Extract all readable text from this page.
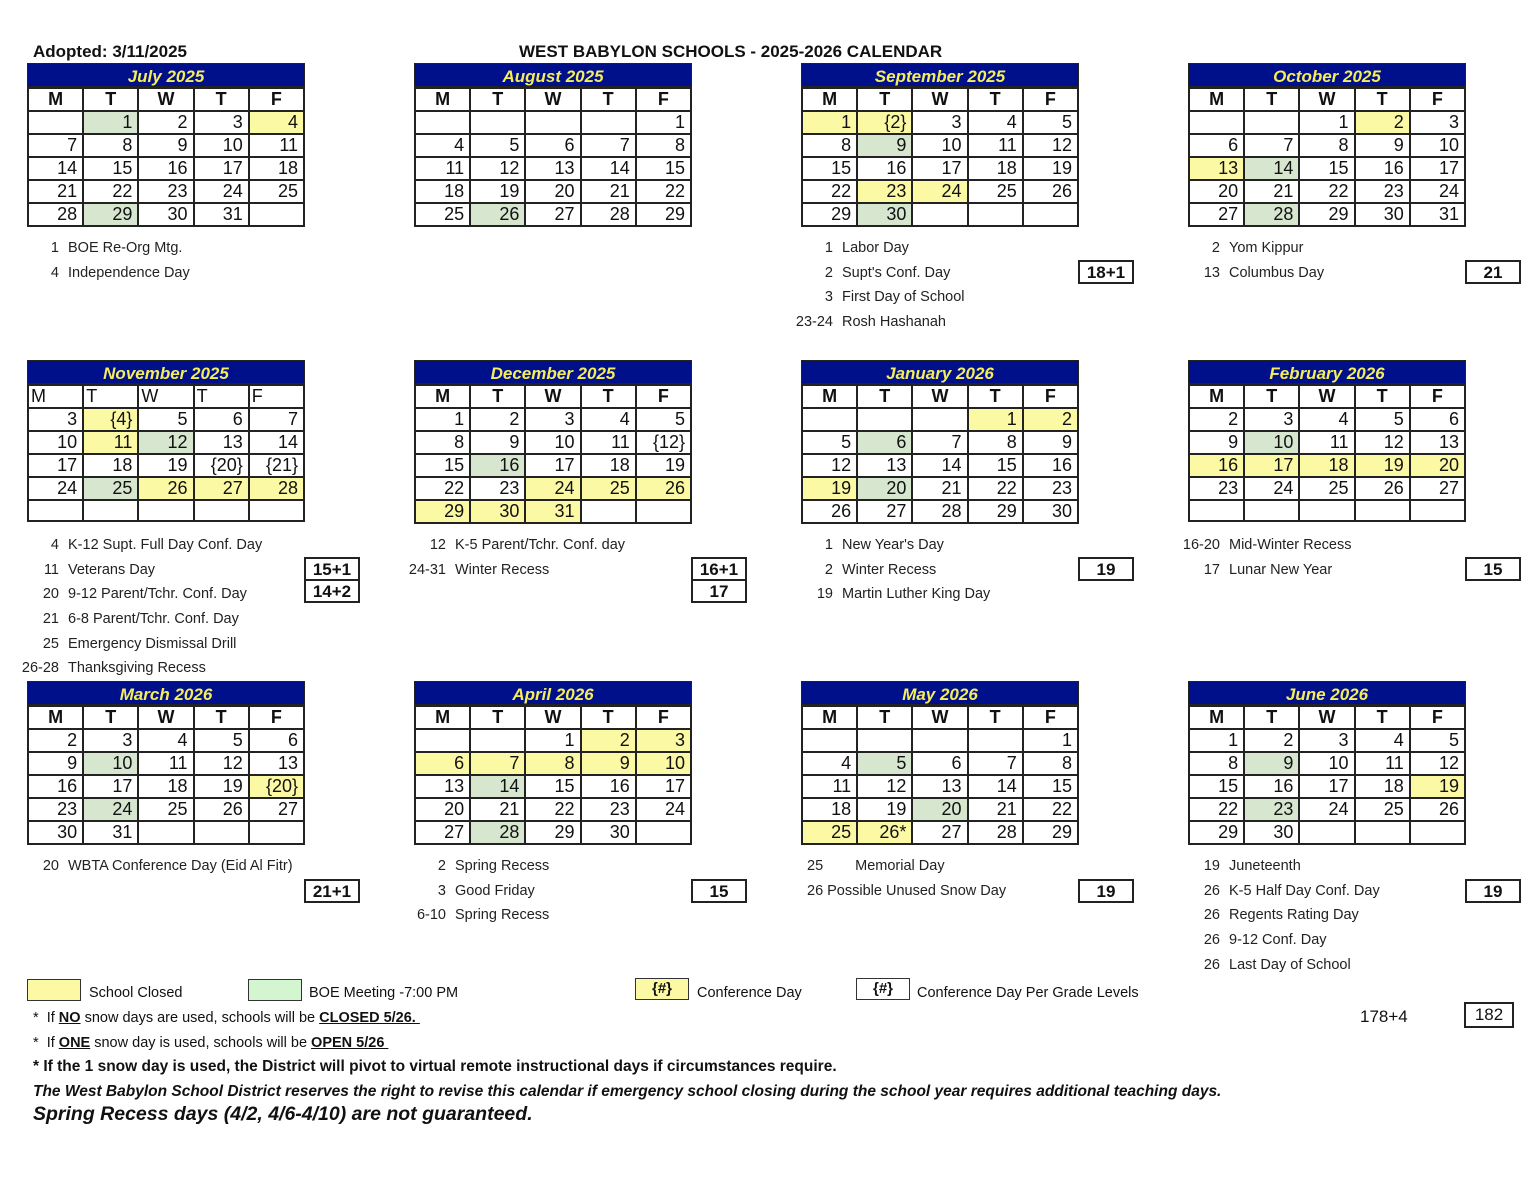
Adopted: 3/11/2025	WEST BABYLON SCHOOLS - 2025-2026 CALENDAR
July 2025
M	T	W	T	F
	1	2	3	4
7	8	9	10	11
14	15	16	17	18
21	22	23	24	25
28	29	30	31	
1 BOE Re-Org Mtg.
4 Independence Day
August 2025
M	T	W	T	F
				1
4	5	6	7	8
11	12	13	14	15
18	19	20	21	22
25	26	27	28	29
September 2025
M	T	W	T	F
1	{2}	3	4	5
8	9	10	11	12
15	16	17	18	19
22	23	24	25	26
29	30			
1 Labor Day
2 Supt's Conf. Day
3 First Day of School
23-24 Rosh Hashanah
18+1
October 2025
M	T	W	T	F
		1	2	3
6	7	8	9	10
13	14	15	16	17
20	21	22	23	24
27	28	29	30	31
2 Yom Kippur
13 Columbus Day	21
November 2025
M	T	W	T	F
3	{4}	5	6	7
10	11	12	13	14
17	18	19	{20}	{21}
24	25	26	27	28

4 K-12 Supt. Full Day Conf. Day
11 Veterans Day
20 9-12 Parent/Tchr. Conf. Day
21 6-8 Parent/Tchr. Conf. Day
25 Emergency Dismissal Drill
26-28 Thanksgiving Recess
15+1
14+2
December 2025
M	T	W	T	F
1	2	3	4	5
8	9	10	11	{12}
15	16	17	18	19
22	23	24	25	26
29	30	31		
12 K-5 Parent/Tchr. Conf. day
24-31 Winter Recess	16+1
17
January 2026
M	T	W	T	F
			1	2
5	6	7	8	9
12	13	14	15	16
19	20	21	22	23
26	27	28	29	30
1 New Year's Day
2 Winter Recess
19 Martin Luther King Day
19
February 2026
M	T	W	T	F
2	3	4	5	6
9	10	11	12	13
16	17	18	19	20
23	24	25	26	27

16-20 Mid-Winter Recess
17 Lunar New Year	15
March 2026
M	T	W	T	F
2	3	4	5	6
9	10	11	12	13
16	17	18	19	{20}
23	24	25	26	27
30	31			
20 WBTA Conference Day (Eid Al Fitr)
21+1
April 2026
M	T	W	T	F
		1	2	3
6	7	8	9	10
13	14	15	16	17
20	21	22	23	24
27	28	29	30	
2 Spring Recess
3 Good Friday
6-10 Spring Recess
15
May 2026
M	T	W	T	F
				1
4	5	6	7	8
11	12	13	14	15
18	19	20	21	22
25	26*	27	28	29
25 Memorial Day
26 Possible Unused Snow Day	19
June 2026
M	T	W	T	F
1	2	3	4	5
8	9	10	11	12
15	16	17	18	19
22	23	24	25	26
29	30			
19 Juneteenth
26 K-5 Half Day Conf. Day
26 Regents Rating Day
26 9-12 Conf. Day
26 Last Day of School
19
School Closed	BOE Meeting -7:00 PM	{#}	Conference Day	{#}	Conference Day Per Grade Levels
178+4	182
*  If NO snow days are used, schools will be CLOSED 5/26.
*  If ONE snow day is used, schools will be OPEN 5/26
* If the 1 snow day is used, the District will pivot to virtual remote instructional days if circumstances require.
The West Babylon School District reserves the right to revise this calendar if emergency school closing during the school year requires additional teaching days.
Spring Recess days (4/2, 4/6-4/10) are not guaranteed.
